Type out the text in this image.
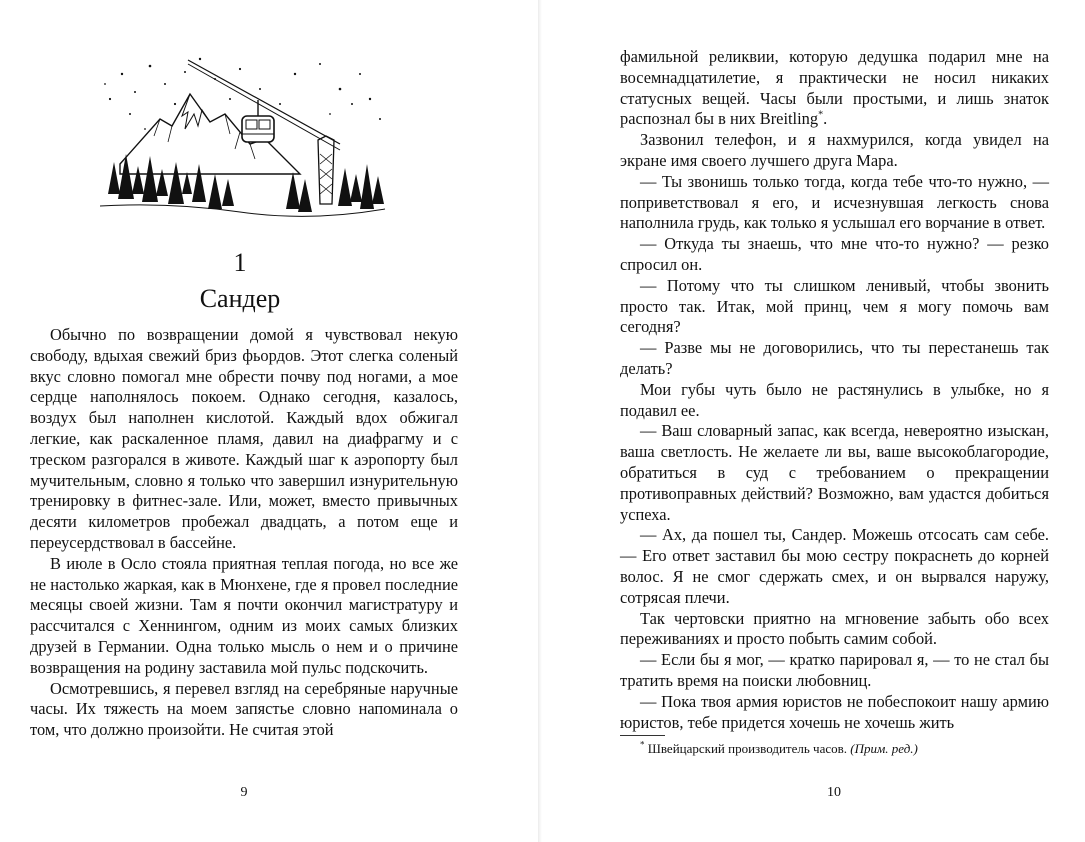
1
Сандер

Обычно по возвращении домой я чувствовал некую свободу, вдыхая свежий бриз фьордов. Этот слегка соленый вкус словно помогал мне обрести почву под ногами, а мое сердце наполнялось покоем. Однако сегодня, казалось, воздух был наполнен кислотой. Каждый вдох обжигал легкие, как раскаленное пламя, давил на диафрагму и с треском разгорался в животе. Каждый шаг к аэропорту был мучительным, словно я только что завершил изнурительную тренировку в фитнес-зале. Или, может, вместо привычных десяти километров пробежал двадцать, а потом еще и переусердствовал в бассейне.

В июле в Осло стояла приятная теплая погода, но все же не настолько жаркая, как в Мюнхене, где я провел последние месяцы своей жизни. Там я почти окончил магистратуру и рассчитался с Хеннингом, одним из моих самых близких друзей в Германии. Одна только мысль о нем и о причине возвращения на родину заставила мой пульс подскочить.

Осмотревшись, я перевел взгляд на серебряные наручные часы. Их тяжесть на моем запястье словно напоминала о том, что должно произойти. Не считая этой

9

фамильной реликвии, которую дедушка подарил мне на восемнадцатилетие, я практически не носил никаких статусных вещей. Часы были простыми, и лишь знаток распознал бы в них Breitling*.

Зазвонил телефон, и я нахмурился, когда увидел на экране имя своего лучшего друга Мара.

— Ты звонишь только тогда, когда тебе что-то нужно, — поприветствовал я его, и исчезнувшая легкость снова наполнила грудь, как только я услышал его ворчание в ответ.

— Откуда ты знаешь, что мне что-то нужно? — резко спросил он.

— Потому что ты слишком ленивый, чтобы звонить просто так. Итак, мой принц, чем я могу помочь вам сегодня?

— Разве мы не договорились, что ты перестанешь так делать?

Мои губы чуть было не растянулись в улыбке, но я подавил ее.

— Ваш словарный запас, как всегда, невероятно изыскан, ваша светлость. Не желаете ли вы, ваше высокоблагородие, обратиться в суд с требованием о прекращении противоправных действий? Возможно, вам удастся добиться успеха.

— Ах, да пошел ты, Сандер. Можешь отсосать сам себе. — Его ответ заставил бы мою сестру покраснеть до корней волос. Я не смог сдержать смех, и он вырвался наружу, сотрясая плечи.

Так чертовски приятно на мгновение забыть обо всех переживаниях и просто побыть самим собой.

— Если бы я мог, — кратко парировал я, — то не стал бы тратить время на поиски любовниц.

— Пока твоя армия юристов не побеспокоит нашу армию юристов, тебе придется хочешь не хочешь жить

* Швейцарский производитель часов. (Прим. ред.)
10
